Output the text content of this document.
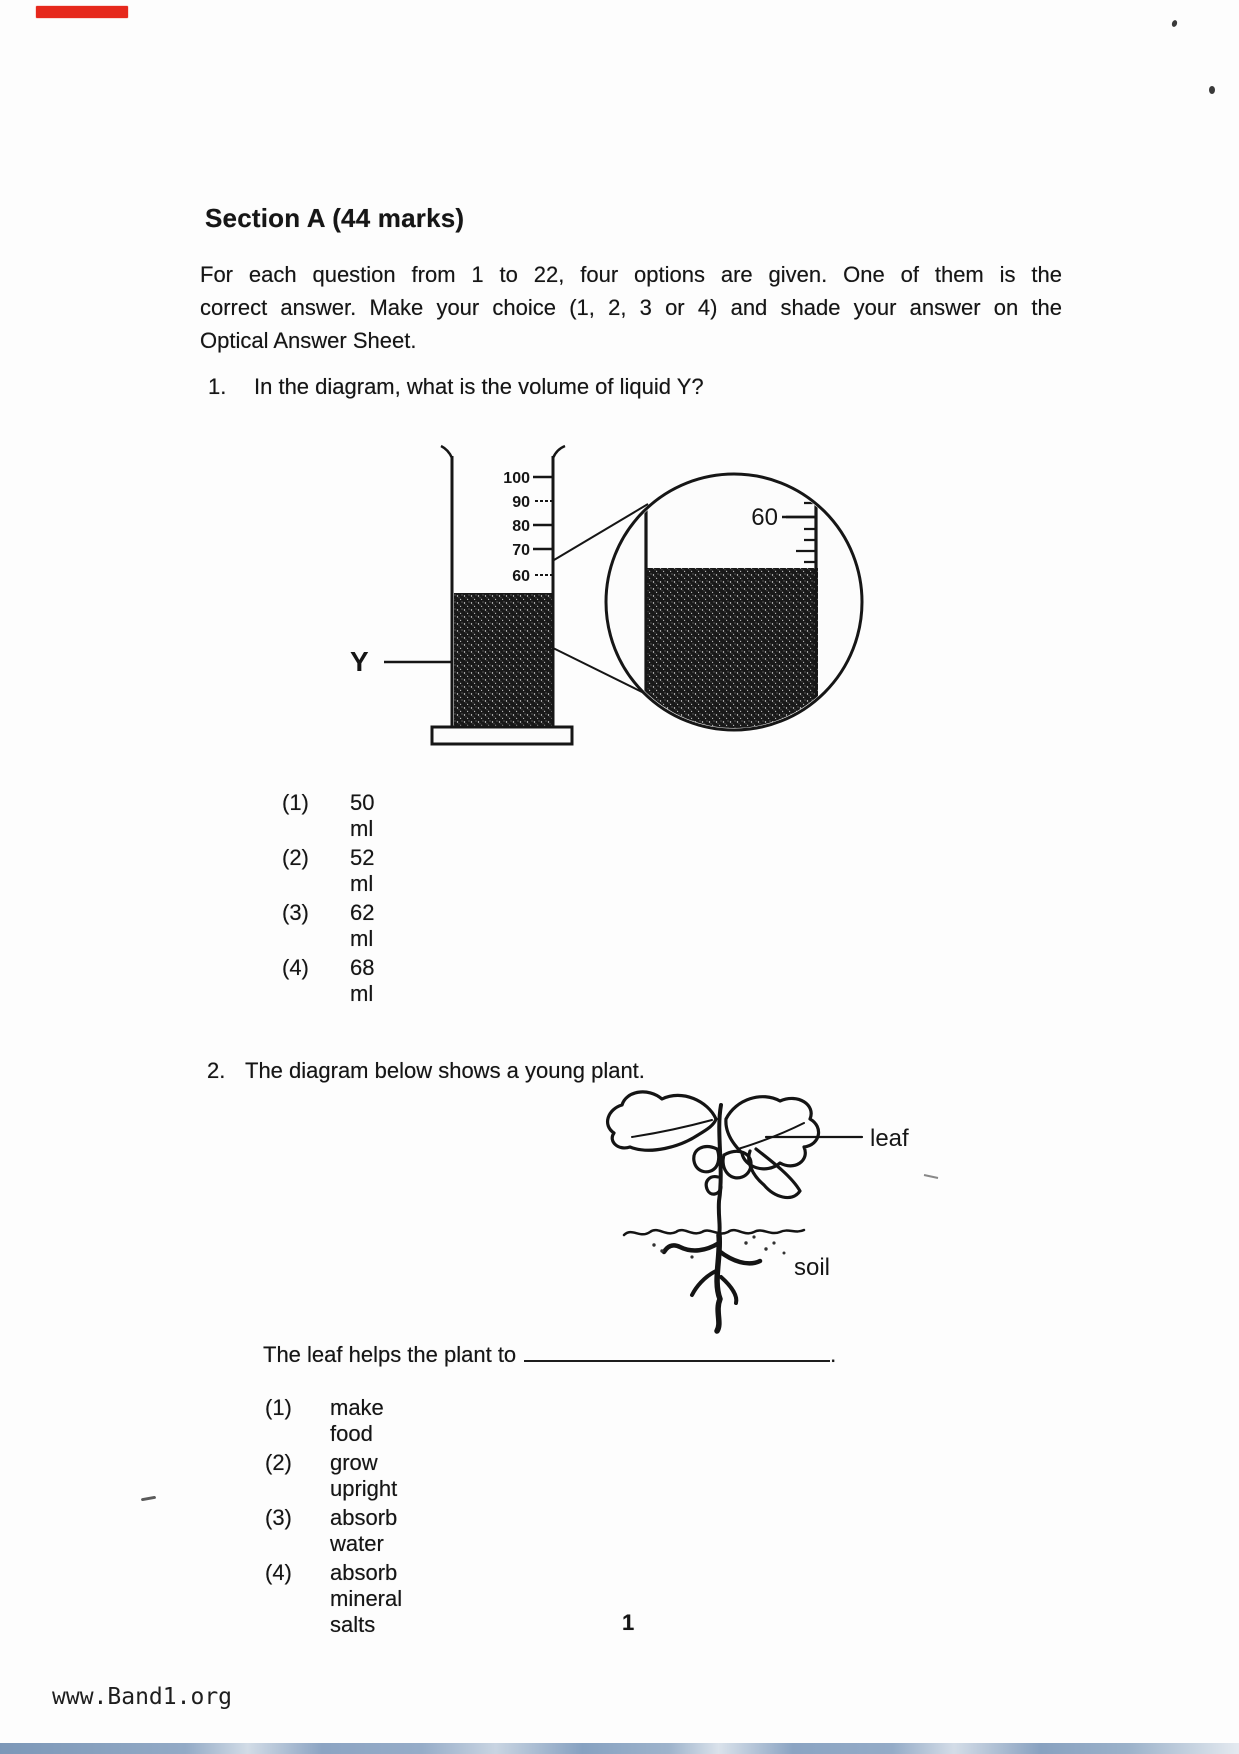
Section A (44 marks)
For each question from 1 to 22, four options are given. One of them is the
correct answer. Make your choice (1, 2, 3 or 4) and shade your answer on the
Optical Answer Sheet.
1. In the diagram, what is the volume of liquid Y?
100
90
80
70
60
Y
60
(1) 50 ml
(2) 52 ml
(3) 62 ml
(4) 68 ml
2. The diagram below shows a young plant.
leaf
soil
The leaf helps the plant to	.
(1) make food
(2) grow upright
(3) absorb water
(4) absorb mineral salts	1
www.Band1.org
